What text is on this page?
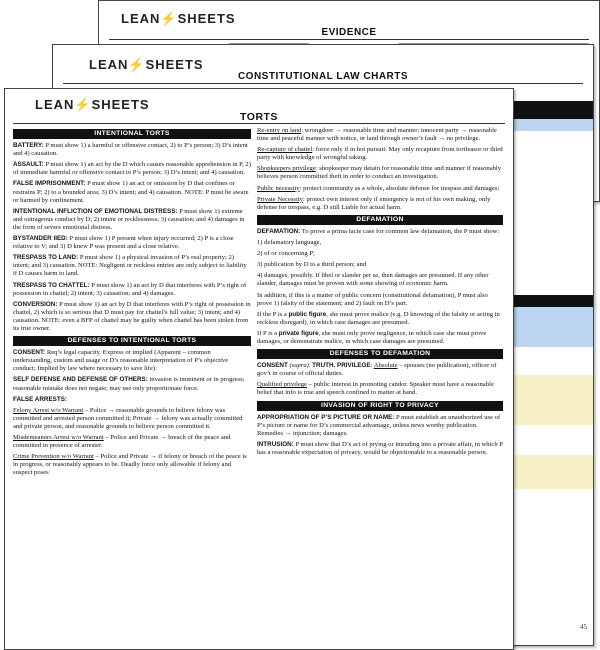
LEAN⚡SHEETS
EVIDENCE
LEAN⚡SHEETS
CONSTITUTIONAL LAW CHARTS
45
LEAN⚡SHEETS
TORTS
INTENTIONAL TORTS

BATTERY: P must show 1) a harmful or offensive contact, 2) to P’s person; 3) D’s intent and 4) causation.

ASSAULT: P must show 1) an act by the D which causes reasonable apprehension in P, 2) of immediate harmful or offensive contact to P’s person; 3) D’s intent; and 4) causation.

FALSE IMPRISONMENT: P must show 1) an act or omission by D that confines or restrains P; 2) to a bounded area; 3) D’s intent; and 4) causation. NOTE: P must be aware or harmed by confinement.

INTENTIONAL INFLICTION OF EMOTIONAL DISTRESS: P must show 1) extreme and outrageous conduct by D; 2) intent or recklessness; 3) causation; and 4) damages in the form of severe emotional distress.

BYSTANDER IIED: P must show 1) P present when injury occurred; 2) P is a close relative to V; and 3) D knew P was present and a close relative.

TRESPASS TO LAND: P must show 1) a physical invasion of P’s real property; 2) intent; and 3) causation. NOTE: Negligent or reckless entries are only subject to liability if D causes harm to land.

TRESPASS TO CHATTEL: P must show 1) an act by D that interferes with P’s right of possession in chattel; 2) intent; 3) causation; and 4) damages.

CONVERSION: P must show 1) an act by D that interferes with P’s right of possession in chattel, 2) which is so serious that D must pay for chattel’s full value; 3) intent; and 4) causation. NOTE: even a BFP of chattel may be guilty when chattel has been stolen from its true owner.

DEFENSES TO INTENTIONAL TORTS

CONSENT: Req’s legal capacity. Express or implied (Apparent – common understanding, custom and usage or D’s reasonable interpretation of P’s objective conduct; Implied by law where necessary to save life).

SELF DEFENSE AND DEFENSE OF OTHERS: invasion is imminent or in progress; reasonable mistake does not negate; may use only proportionate force.

FALSE ARRESTS:

Felony Arrest w/o Warrant – Police → reasonable grounds to believe felony was committed and arrested person committed it; Private → felony was actually committed and private person, and reasonable grounds to believe person committed it.

Misdemeanors Arrest w/o Warrant – Police and Private → breach of the peace and committed in presence of arrester.

Crime Prevention w/o Warrant – Police and Private → if felony or breach of the peace is in progress, or reasonably appears to be. Deadly force only allowable if felony and suspect poses

Re-entry on land: wrongdoer → reasonable time and manner; innocent party → reasonable time and peaceful manner with notice, or land through owner’s fault → no privilege.

Re-capture of chattel: force only if in hot pursuit. May only recapture from tortfeasor or third party with knowledge of wrongful taking.

Shopkeepers privilege: shopkeeper may detain for reasonable time and manner if reasonably believes person committed theft in order to conduct an investigation.

Public necessity: protect community as a whole, absolute defense for trespass and damages;

Private Necessity: protect own interest only if emergency is not of his own making, only defense for trespass, e.g. D still Liable for actual harm.

DEFAMATION

DEFAMATION: To prove a prima facie case for common law defamation, the P must show:

1) defamatory language,

2) of or concerning P;

3) publication by D to a third person; and

4) damages, possibly. If libel or slander per se, then damages are presumed. If any other slander, damages must be proven with some showing of economic harm.

In addition, if this is a matter of public concern (constitutional defamation), P must also prove 1) falsity of the statement; and 2) fault on D’s part.

If the P is a public figure, she must prove malice (e.g. D knowing of the falsity or acting in reckless disregard), in which case damages are presumed.

If P is a private figure, she must only prove negligence, in which case she must prove damages, or demonstrate malice, in which case damages are presumed.

DEFENSES TO DEFAMATION

CONSENT (supra). TRUTH. PRIVILEGE: Absolute – spouses (no publication), officer of gov’t in course of official duties.

Qualified privilege – public interest in promoting candor. Speaker must have a reasonable belief that info is true and speech confined to matter at hand.

INVASION OF RIGHT TO PRIVACY

APPROPRIATION OF P’S PICTURE OR NAME: P must establish an unauthorized use of P’s picture or name for D’s commercial advantage, unless news worthy publication. Remedies → injunction; damages.

INTRUSION: P must show that D’s act of prying or intruding into a private affair, in which P has a reasonable expectation of privacy, would be objectionable to a reasonable person.
